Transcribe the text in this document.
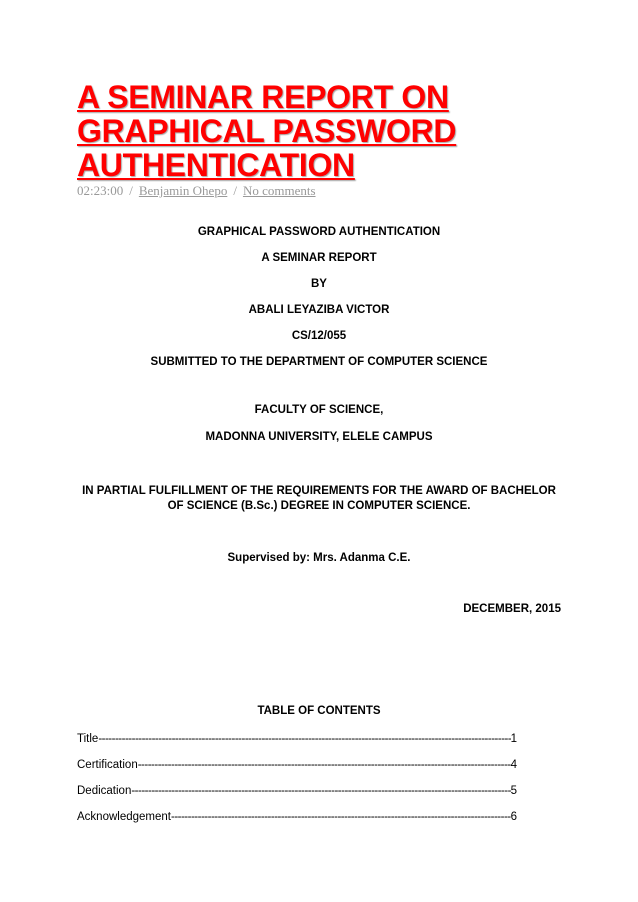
A SEMINAR REPORT ON GRAPHICAL PASSWORD AUTHENTICATION
02:23:00 / Benjamin Ohepo / No comments
GRAPHICAL PASSWORD AUTHENTICATION
A SEMINAR REPORT
BY
ABALI LEYAZIBA VICTOR
CS/12/055
SUBMITTED TO THE DEPARTMENT OF COMPUTER SCIENCE
FACULTY OF SCIENCE,
MADONNA UNIVERSITY, ELELE CAMPUS
IN PARTIAL FULFILLMENT OF THE REQUIREMENTS FOR THE AWARD OF BACHELOR OF SCIENCE (B.Sc.) DEGREE IN COMPUTER SCIENCE.
Supervised by: Mrs. Adanma C.E.
DECEMBER, 2015
TABLE OF CONTENTS
Title -----	1
Certification -----	4
Dedication -----	5
Acknowledgement -----	6
